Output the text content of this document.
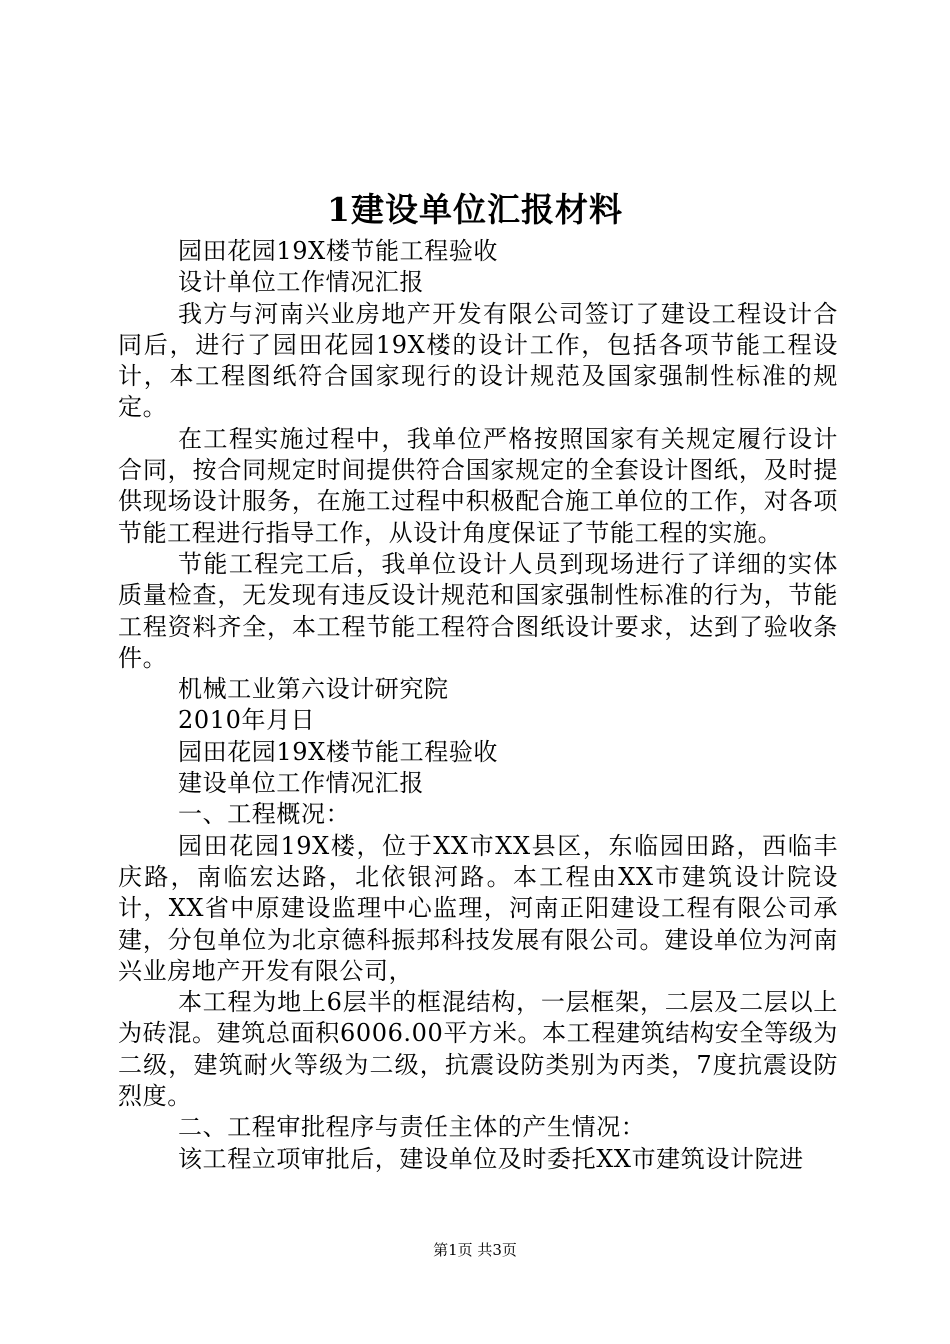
1建设单位汇报材料

园田花园19X楼节能工程验收

设计单位工作情况汇报

我方与河南兴业房地产开发有限公司签订了建设工程设计合同后，进行了园田花园19X楼的设计工作，包括各项节能工程设计，本工程图纸符合国家现行的设计规范及国家强制性标准的规定。

在工程实施过程中，我单位严格按照国家有关规定履行设计合同，按合同规定时间提供符合国家规定的全套设计图纸，及时提供现场设计服务，在施工过程中积极配合施工单位的工作，对各项节能工程进行指导工作，从设计角度保证了节能工程的实施。

节能工程完工后，我单位设计人员到现场进行了详细的实体质量检查，无发现有违反设计规范和国家强制性标准的行为，节能工程资料齐全，本工程节能工程符合图纸设计要求，达到了验收条件。

机械工业第六设计研究院

2010年月日

园田花园19X楼节能工程验收

建设单位工作情况汇报

一、工程概况：

园田花园19X楼，位于XX市XX县区，东临园田路，西临丰庆路，南临宏达路，北依银河路。本工程由XX市建筑设计院设计，XX省中原建设监理中心监理，河南正阳建设工程有限公司承建，分包单位为北京德科振邦科技发展有限公司。建设单位为河南兴业房地产开发有限公司，

本工程为地上6层半的框混结构，一层框架，二层及二层以上为砖混。建筑总面积6006.00平方米。本工程建筑结构安全等级为二级，建筑耐火等级为二级，抗震设防类别为丙类，7度抗震设防烈度。

二、工程审批程序与责任主体的产生情况：

该工程立项审批后，建设单位及时委托XX市建筑设计院进

第1页 共3页
